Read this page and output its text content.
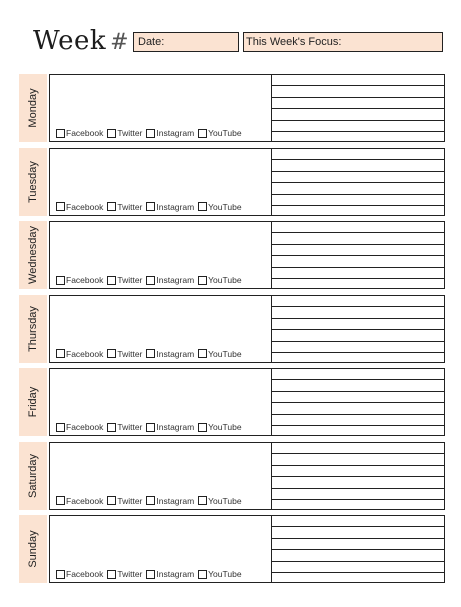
Week # Date:	This Week's Focus:
Monday
Facebook Twitter Instagram YouTube
Tuesday
Facebook Twitter Instagram YouTube
Wednesday	Facebook Twitter Instagram YouTube
Thursday
Facebook Twitter Instagram YouTube
Friday
Facebook Twitter Instagram YouTube
Saturday
Facebook Twitter Instagram YouTube
Sunday
Facebook Twitter Instagram YouTube
